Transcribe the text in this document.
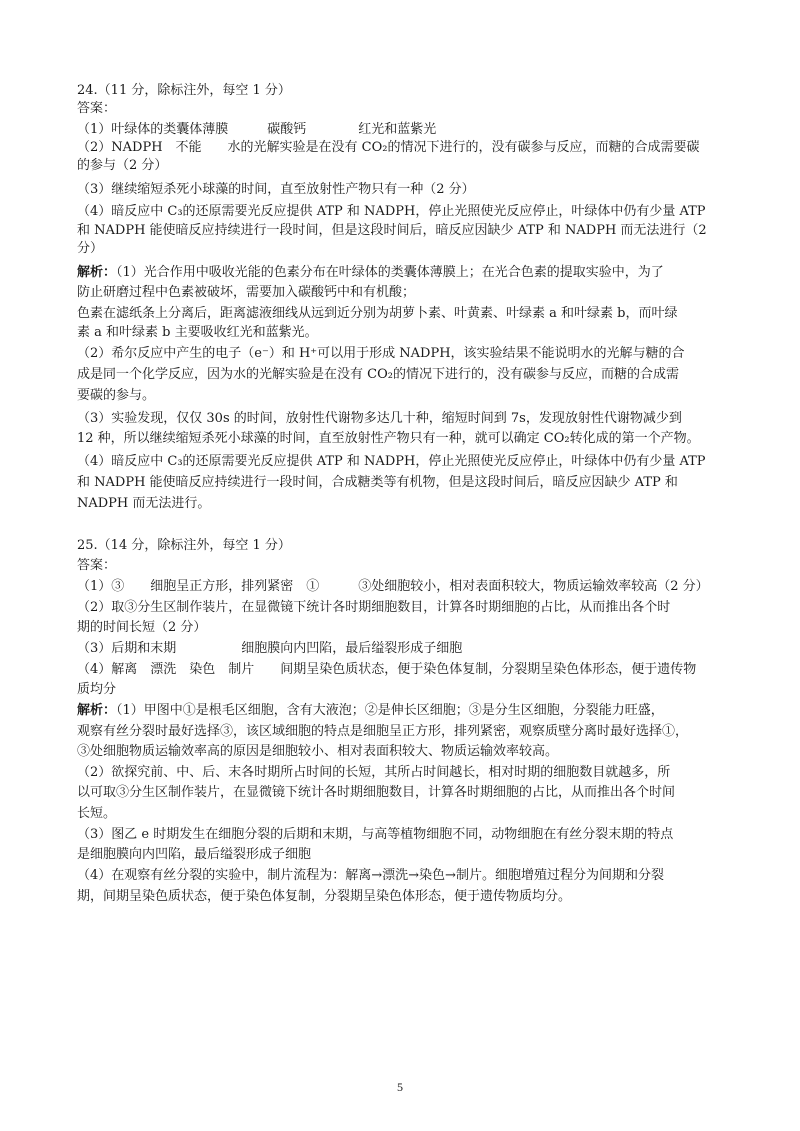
24.（11 分，除标注外，每空 1 分）
答案：
（1）叶绿体的类囊体薄膜　　　碳酸钙　　　　红光和蓝紫光
（2）NADPH　不能　　水的光解实验是在没有 CO₂的情况下进行的，没有碳参与反应，而糖的合成需要碳
的参与（2 分）
（3）继续缩短杀死小球藻的时间，直至放射性产物只有一种（2 分）
（4）暗反应中 C₃的还原需要光反应提供 ATP 和 NADPH，停止光照使光反应停止，叶绿体中仍有少量 ATP
和 NADPH 能使暗反应持续进行一段时间，但是这段时间后，暗反应因缺少 ATP 和 NADPH 而无法进行（2
分）
解析：（1）光合作用中吸收光能的色素分布在叶绿体的类囊体薄膜上；在光合色素的提取实验中，为了
防止研磨过程中色素被破坏，需要加入碳酸钙中和有机酸；
色素在滤纸条上分离后，距离滤液细线从远到近分别为胡萝卜素、叶黄素、叶绿素 a 和叶绿素 b，而叶绿
素 a 和叶绿素 b 主要吸收红光和蓝紫光。
（2）希尔反应中产生的电子（e⁻）和 H⁺可以用于形成 NADPH，该实验结果不能说明水的光解与糖的合
成是同一个化学反应，因为水的光解实验是在没有 CO₂的情况下进行的，没有碳参与反应，而糖的合成需
要碳的参与。
（3）实验发现，仅仅 30s 的时间，放射性代谢物多达几十种，缩短时间到 7s，发现放射性代谢物减少到
12 种，所以继续缩短杀死小球藻的时间，直至放射性产物只有一种，就可以确定 CO₂转化成的第一个产物。
（4）暗反应中 C₃的还原需要光反应提供 ATP 和 NADPH，停止光照使光反应停止，叶绿体中仍有少量 ATP
和 NADPH 能使暗反应持续进行一段时间，合成糖类等有机物，但是这段时间后，暗反应因缺少 ATP 和
NADPH 而无法进行。
25.（14 分，除标注外，每空 1 分）
答案：
（1）③　　细胞呈正方形，排列紧密　①　　　③处细胞较小，相对表面积较大，物质运输效率较高（2 分）
（2）取③分生区制作装片，在显微镜下统计各时期细胞数目，计算各时期细胞的占比，从而推出各个时
期的时间长短（2 分）
（3）后期和末期　　　　　细胞膜向内凹陷，最后缢裂形成子细胞
（4）解离　漂洗　染色　制片　　间期呈染色质状态，便于染色体复制，分裂期呈染色体形态，便于遗传物
质均分
解析：（1）甲图中①是根毛区细胞，含有大液泡；②是伸长区细胞；③是分生区细胞，分裂能力旺盛，
观察有丝分裂时最好选择③，该区域细胞的特点是细胞呈正方形，排列紧密，观察质壁分离时最好选择①，
③处细胞物质运输效率高的原因是细胞较小、相对表面积较大、物质运输效率较高。
（2）欲探究前、中、后、末各时期所占时间的长短，其所占时间越长，相对时期的细胞数目就越多，所
以可取③分生区制作装片，在显微镜下统计各时期细胞数目，计算各时期细胞的占比，从而推出各个时间
长短。
（3）图乙 e 时期发生在细胞分裂的后期和末期，与高等植物细胞不同，动物细胞在有丝分裂末期的特点
是细胞膜向内凹陷，最后缢裂形成子细胞
（4）在观察有丝分裂的实验中，制片流程为：解离→漂洗→染色→制片。细胞增殖过程分为间期和分裂
期，间期呈染色质状态，便于染色体复制，分裂期呈染色体形态，便于遗传物质均分。
5
